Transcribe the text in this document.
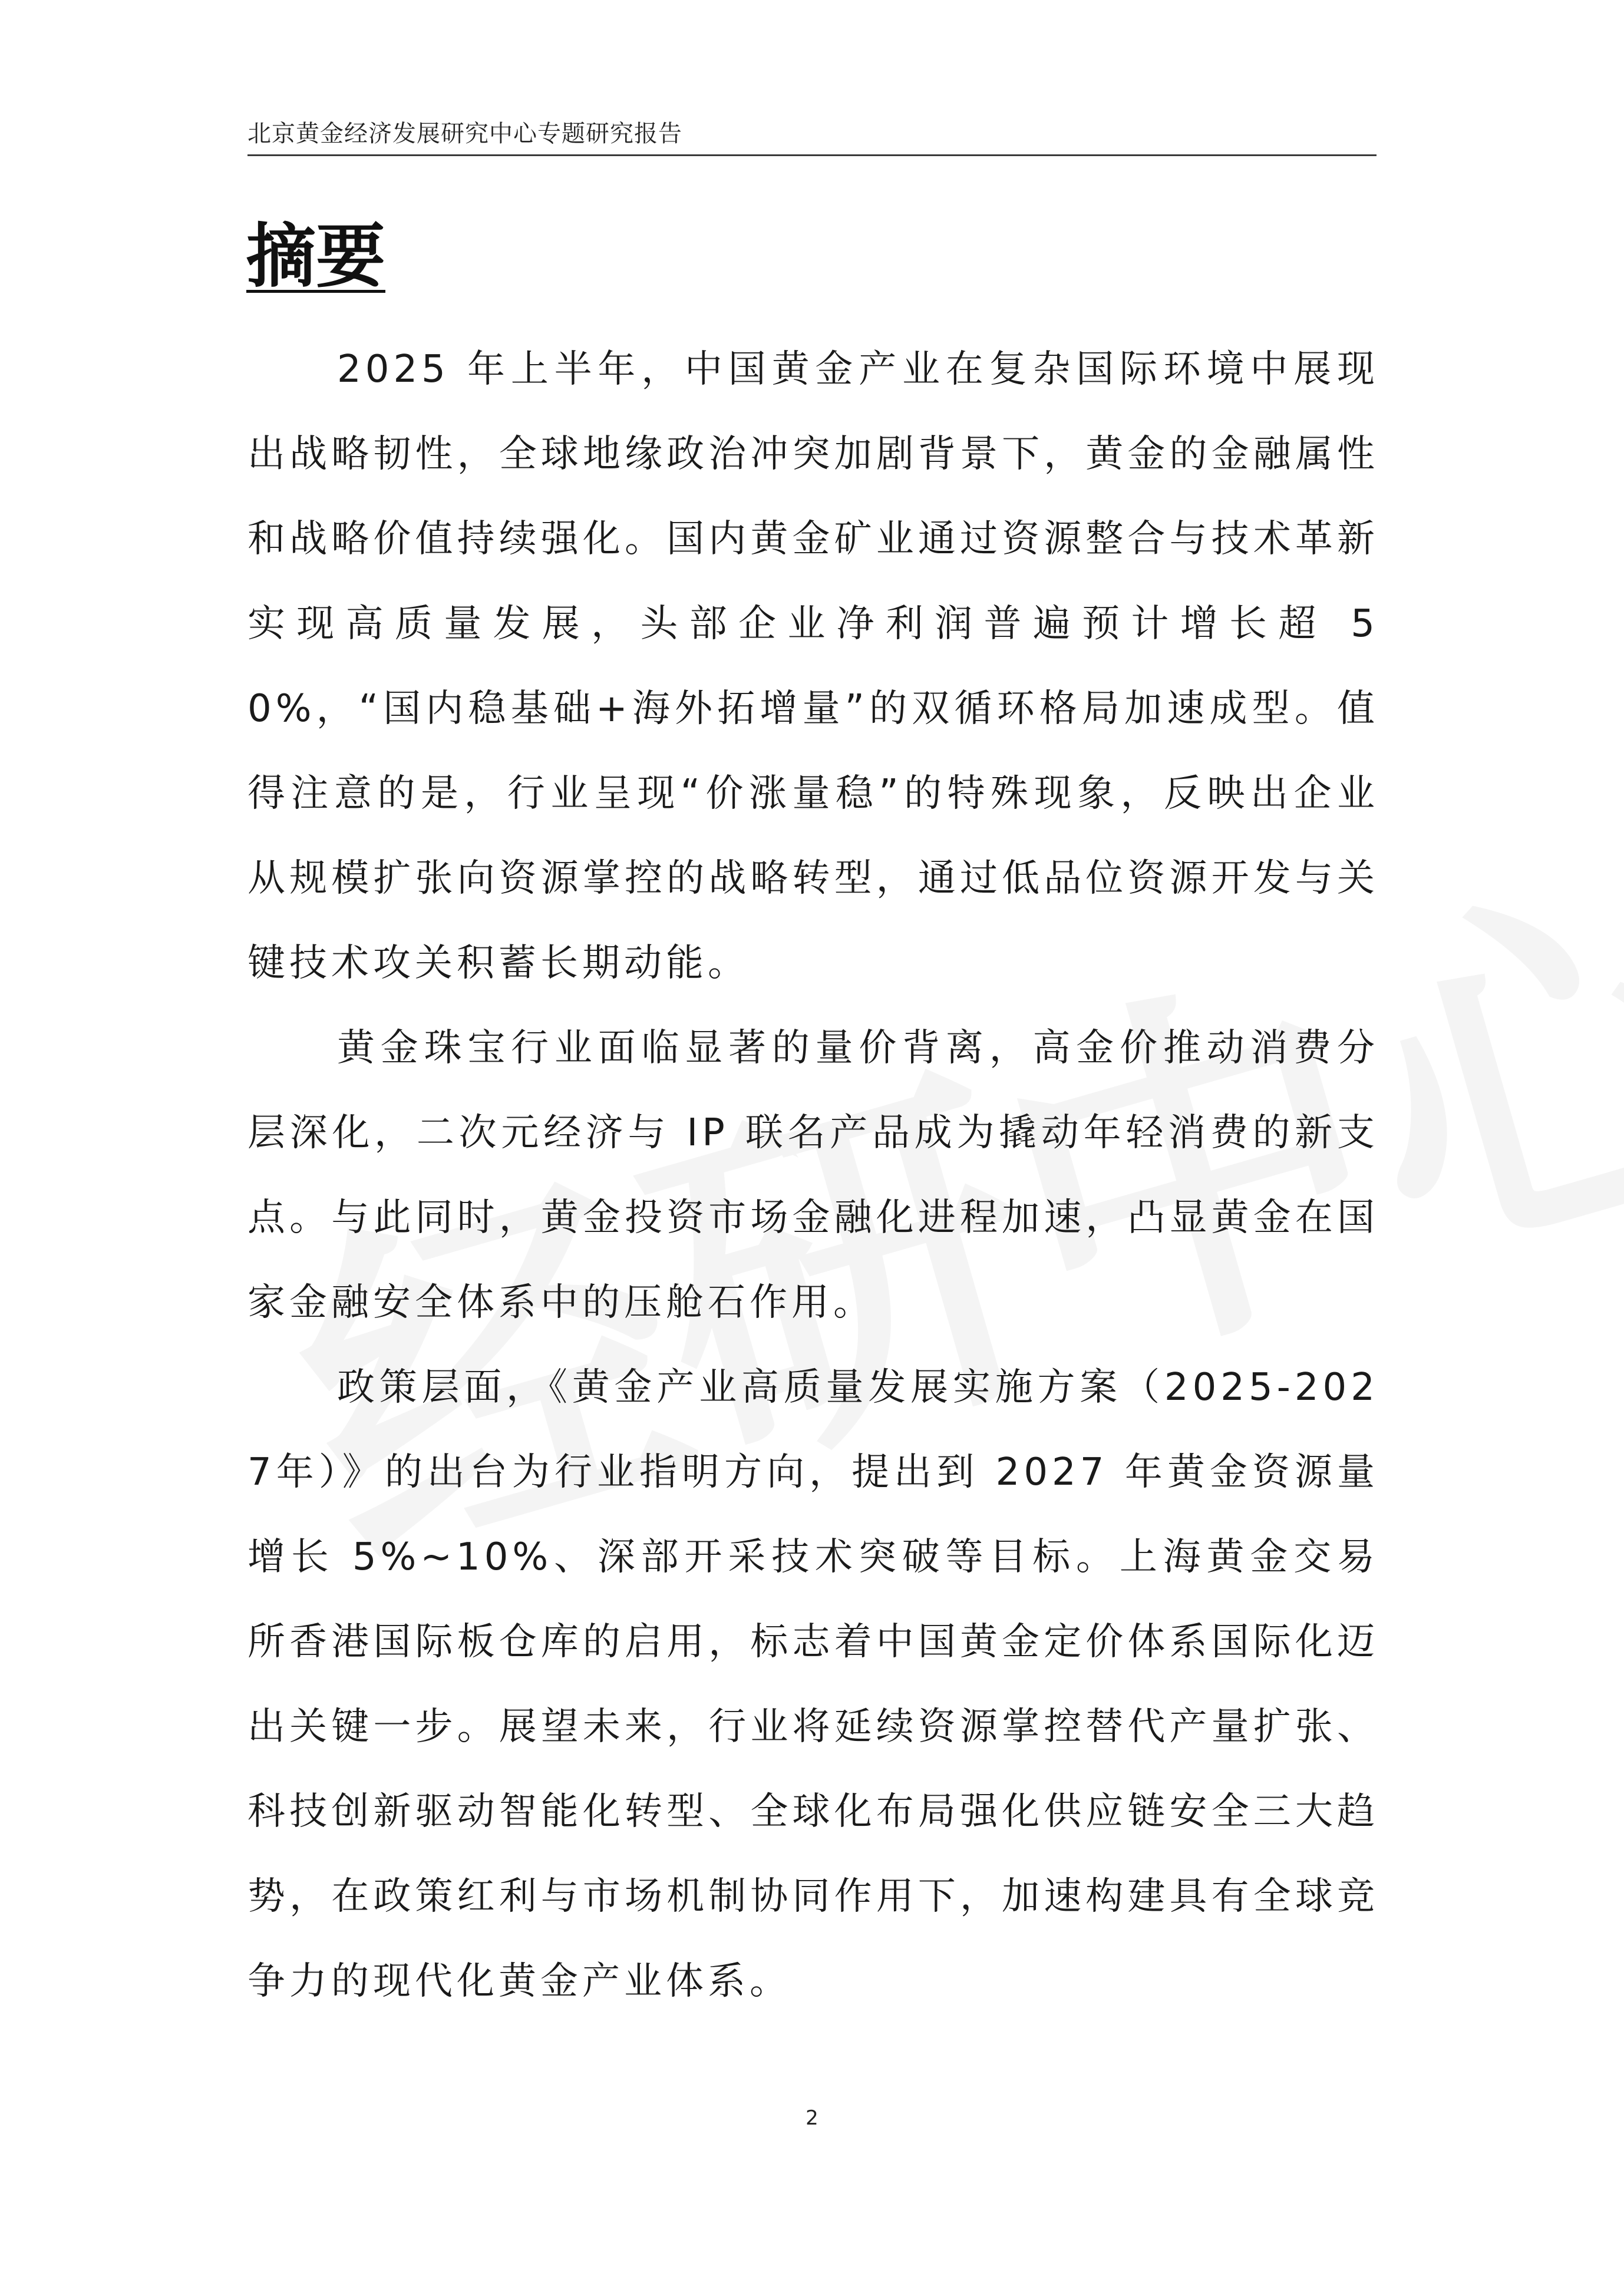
北京黄金经济发展研究中心专题研究报告
摘要

2025 年上半年，中国黄金产业在复杂国际环境中展现出战略韧性，全球地缘政治冲突加剧背景下，黄金的金融属性和战略价值持续强化。国内黄金矿业通过资源整合与技术革新实现高质量发展，头部企业净利润普遍预计增长超 50%，“国内稳基础+海外拓增量”的双循环格局加速成型。值得注意的是，行业呈现“价涨量稳”的特殊现象，反映出企业从规模扩张向资源掌控的战略转型，通过低品位资源开发与关键技术攻关积蓄长期动能。

黄金珠宝行业面临显著的量价背离，高金价推动消费分层深化，二次元经济与 IP 联名产品成为撬动年轻消费的新支点。与此同时，黄金投资市场金融化进程加速，凸显黄金在国家金融安全体系中的压舱石作用。

政策层面，《黄金产业高质量发展实施方案（2025-2027年）》的出台为行业指明方向，提出到 2027 年黄金资源量增长 5%~10%、深部开采技术突破等目标。上海黄金交易所香港国际板仓库的启用，标志着中国黄金定价体系国际化迈出关键一步。展望未来，行业将延续资源掌控替代产量扩张、科技创新驱动智能化转型、全球化布局强化供应链安全三大趋势，在政策红利与市场机制协同作用下，加速构建具有全球竞争力的现代化黄金产业体系。

2
